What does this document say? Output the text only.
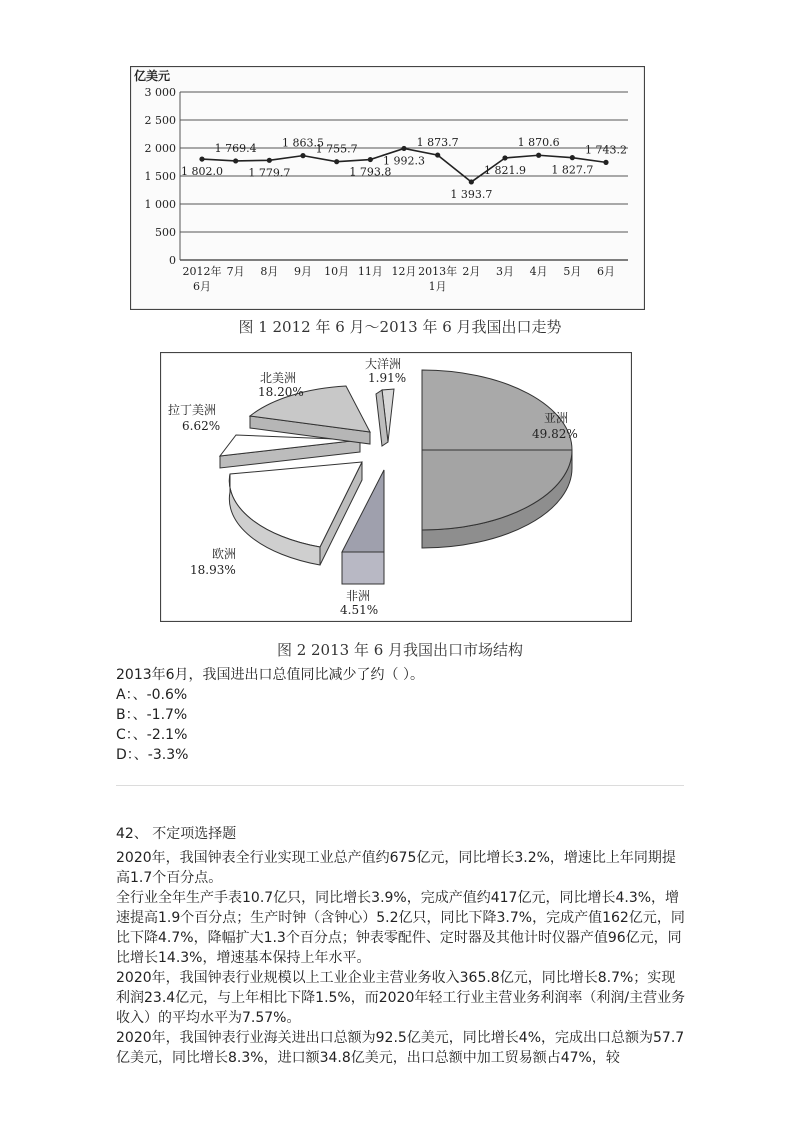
亿美元
0
500
1 000
1 500
2 000
2 500
3 000
2012年
6月
7月 8月 9月 10月 11月 12月 2013年
1月
2月 3月 4月 5月 6月
1 802.0
1 769.4
1 779.7
1 863.5
1 755.7
1 793.8
1 992.3
1 873.7
1 393.7
1 821.9
1 870.6
1 827.7
1 743.2
图 1 2012 年 6 月～2013 年 6 月我国出口走势
亚洲
49.82%
非洲
4.51%
欧洲
18.93%
拉丁美洲
6.62%
北美洲
18.20%
大洋洲
1.91%
图 2 2013 年 6 月我国出口市场结构
2013年6月，我国进出口总值同比减少了约（ ）。
A：、-0.6%
B：、-1.7%
C：、-2.1%
D：、-3.3%

42、 不定项选择题

2020年，我国钟表全行业实现工业总产值约675亿元，同比增长3.2%，增速比上年同期提高1.7个百分点。

全行业全年生产手表10.7亿只，同比增长3.9%，完成产值约417亿元，同比增长4.3%，增速提高1.9个百分点；生产时钟（含钟心）5.2亿只，同比下降3.7%，完成产值162亿元，同比下降4.7%，降幅扩大1.3个百分点；钟表零配件、定时器及其他计时仪器产值96亿元，同比增长14.3%，增速基本保持上年水平。

2020年，我国钟表行业规模以上工业企业主营业务收入365.8亿元，同比增长8.7%；实现利润23.4亿元，与上年相比下降1.5%，而2020年轻工行业主营业务利润率（利润/主营业务收入）的平均水平为7.57%。

2020年，我国钟表行业海关进出口总额为92.5亿美元，同比增长4%，完成出口总额为57.7亿美元，同比增长8.3%，进口额34.8亿美元，出口总额中加工贸易额占47%，较
